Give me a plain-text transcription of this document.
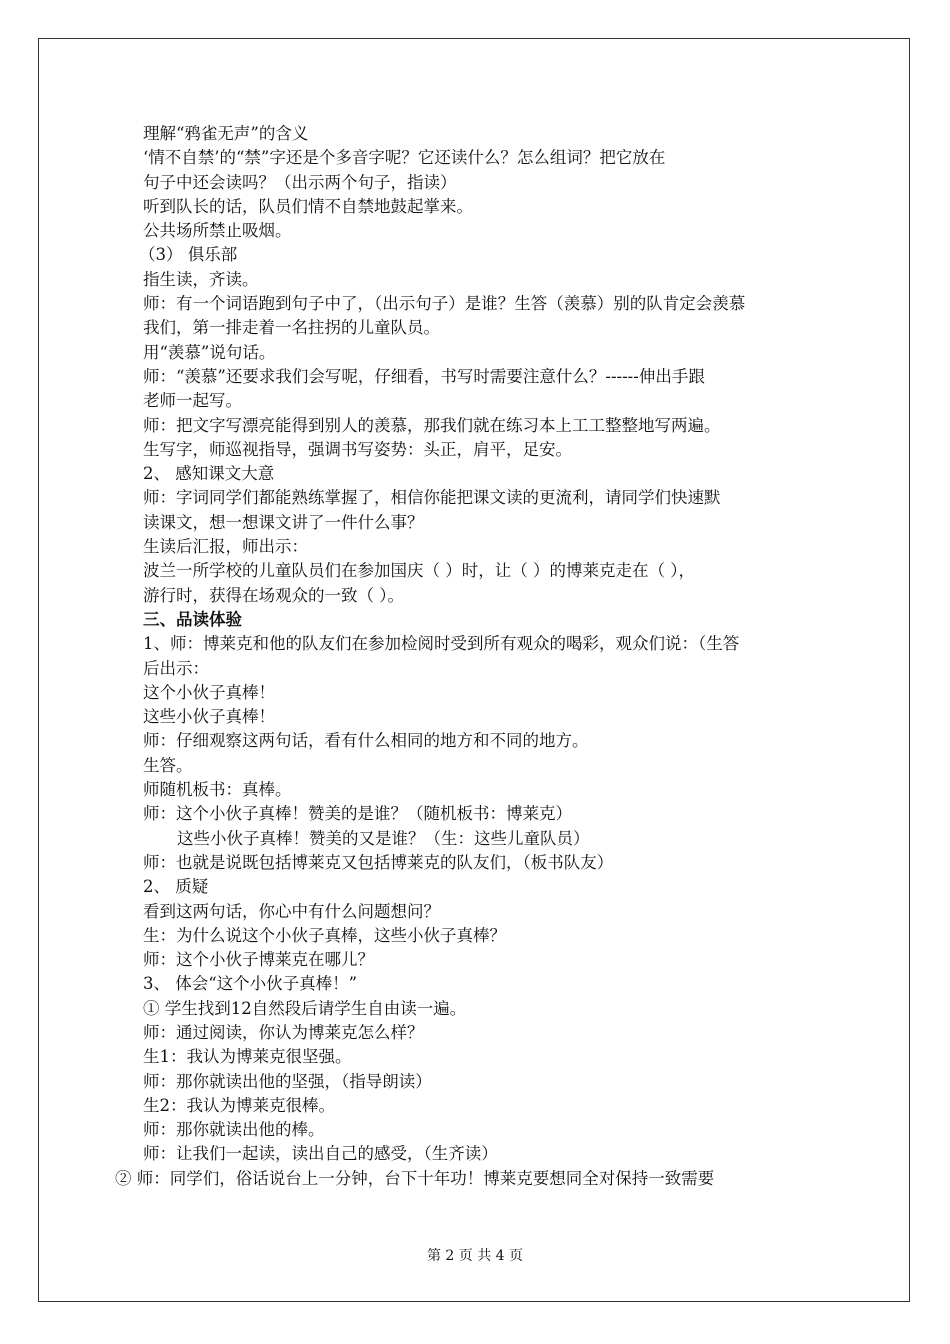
理解“鸦雀无声”的含义
‘情不自禁’的“禁”字还是个多音字呢？它还读什么？怎么组词？把它放在
句子中还会读吗？（出示两个句子，指读）
听到队长的话，队员们情不自禁地鼓起掌来。
公共场所禁止吸烟。
（3） 俱乐部
指生读，齐读。
师：有一个词语跑到句子中了，（出示句子）是谁？生答（羡慕）别的队肯定会羡慕
我们，第一排走着一名拄拐的儿童队员。
用“羡慕”说句话。
师：“羡慕”还要求我们会写呢，仔细看，书写时需要注意什么？------伸出手跟
老师一起写。
师：把文字写漂亮能得到别人的羡慕，那我们就在练习本上工工整整地写两遍。
生写字，师巡视指导，强调书写姿势：头正，肩平，足安。
2、 感知课文大意
师：字词同学们都能熟练掌握了，相信你能把课文读的更流利，请同学们快速默
读课文，想一想课文讲了一件什么事？
生读后汇报，师出示：
波兰一所学校的儿童队员们在参加国庆（ ）时，让（ ）的博莱克走在（ ），
游行时，获得在场观众的一致（ ）。
三、品读体验
1、师：博莱克和他的队友们在参加检阅时受到所有观众的喝彩，观众们说：（生答
后出示：
这个小伙子真棒！
这些小伙子真棒！
师：仔细观察这两句话，看有什么相同的地方和不同的地方。
生答。
师随机板书：真棒。
师：这个小伙子真棒！赞美的是谁？（随机板书：博莱克）
这些小伙子真棒！赞美的又是谁？（生：这些儿童队员）
师：也就是说既包括博莱克又包括博莱克的队友们，（板书队友）
2、 质疑
看到这两句话，你心中有什么问题想问？
生：为什么说这个小伙子真棒，这些小伙子真棒？
师：这个小伙子博莱克在哪儿？
3、 体会“这个小伙子真棒！”
① 学生找到12自然段后请学生自由读一遍。
师：通过阅读，你认为博莱克怎么样？
生1：我认为博莱克很坚强。
师：那你就读出他的坚强，（指导朗读）
生2：我认为博莱克很棒。
师：那你就读出他的棒。
师：让我们一起读，读出自己的感受，（生齐读）
② 师：同学们，俗话说台上一分钟，台下十年功！博莱克要想同全对保持一致需要
第 2 页 共 4 页
